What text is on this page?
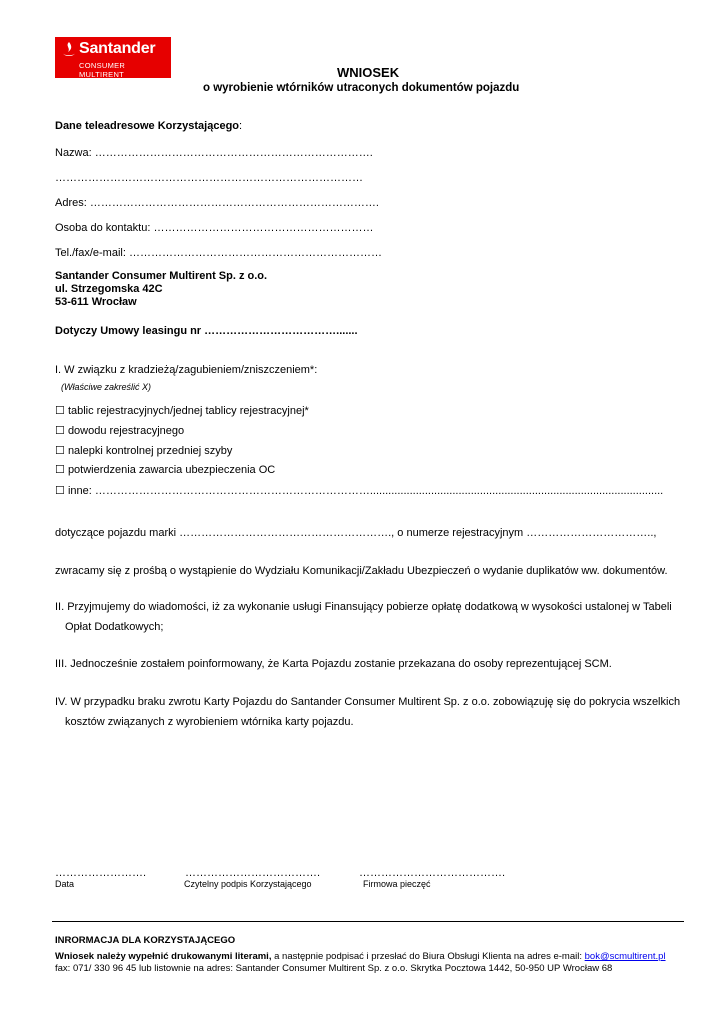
Santander
CONSUMER MULTIRENT	WNIOSEK
o wyrobienie wtórników utraconych dokumentów pojazdu
Dane teleadresowe Korzystającego:
Nazwa: ………………………………………………………………….
…………………………………………………………………………
Adres: …………………………………………………………………….
Osoba do kontaktu: ……………………………………………………
Tel./fax/e-mail: ……………………………………………………………
Santander Consumer Multirent Sp. z o.o.
ul. Strzegomska 42C
53-611 Wrocław
Dotyczy Umowy leasingu nr ……………………………….......
I. W związku z kradzieżą/zagubieniem/zniszczeniem*:
(Właściwe zakreślić X)
☐ tablic rejestracyjnych/jednej tablicy rejestracyjnej*
☐ dowodu rejestracyjnego
☐ nalepki kontrolnej przedniej szyby
☐ potwierdzenia zawarcia ubezpieczenia OC
☐ inne: …………………………………………………………………................................................................................................
dotyczące pojazdu marki …………………………………………………., o numerze rejestracyjnym ……………………………..,
zwracamy się z prośbą o wystąpienie do Wydziału Komunikacji/Zakładu Ubezpieczeń o wydanie duplikatów ww. dokumentów.
II. Przyjmujemy do wiadomości, iż za wykonanie usługi Finansujący pobierze opłatę dodatkową w wysokości ustalonej w Tabeli
Opłat Dodatkowych;
III. Jednocześnie zostałem poinformowany, że Karta Pojazdu zostanie przekazana do osoby reprezentującej SCM.
IV. W przypadku braku zwrotu Karty Pojazdu do Santander Consumer Multirent Sp. z o.o. zobowiązuję się do pokrycia wszelkich
kosztów związanych z wyrobieniem wtórnika karty pojazdu.
…………………….
Data
……………………………….
Czytelny podpis Korzystającego
………………………………….
Firmowa pieczęć
INRORMACJA DLA KORZYSTAJĄCEGO
Wniosek należy wypełnić drukowanymi literami, a następnie podpisać i przesłać do Biura Obsługi Klienta na adres e-mail: bok@scmultirent.pl
fax: 071/ 330 96 45 lub listownie na adres: Santander Consumer Multirent Sp. z o.o. Skrytka Pocztowa 1442, 50-950 UP Wrocław 68
